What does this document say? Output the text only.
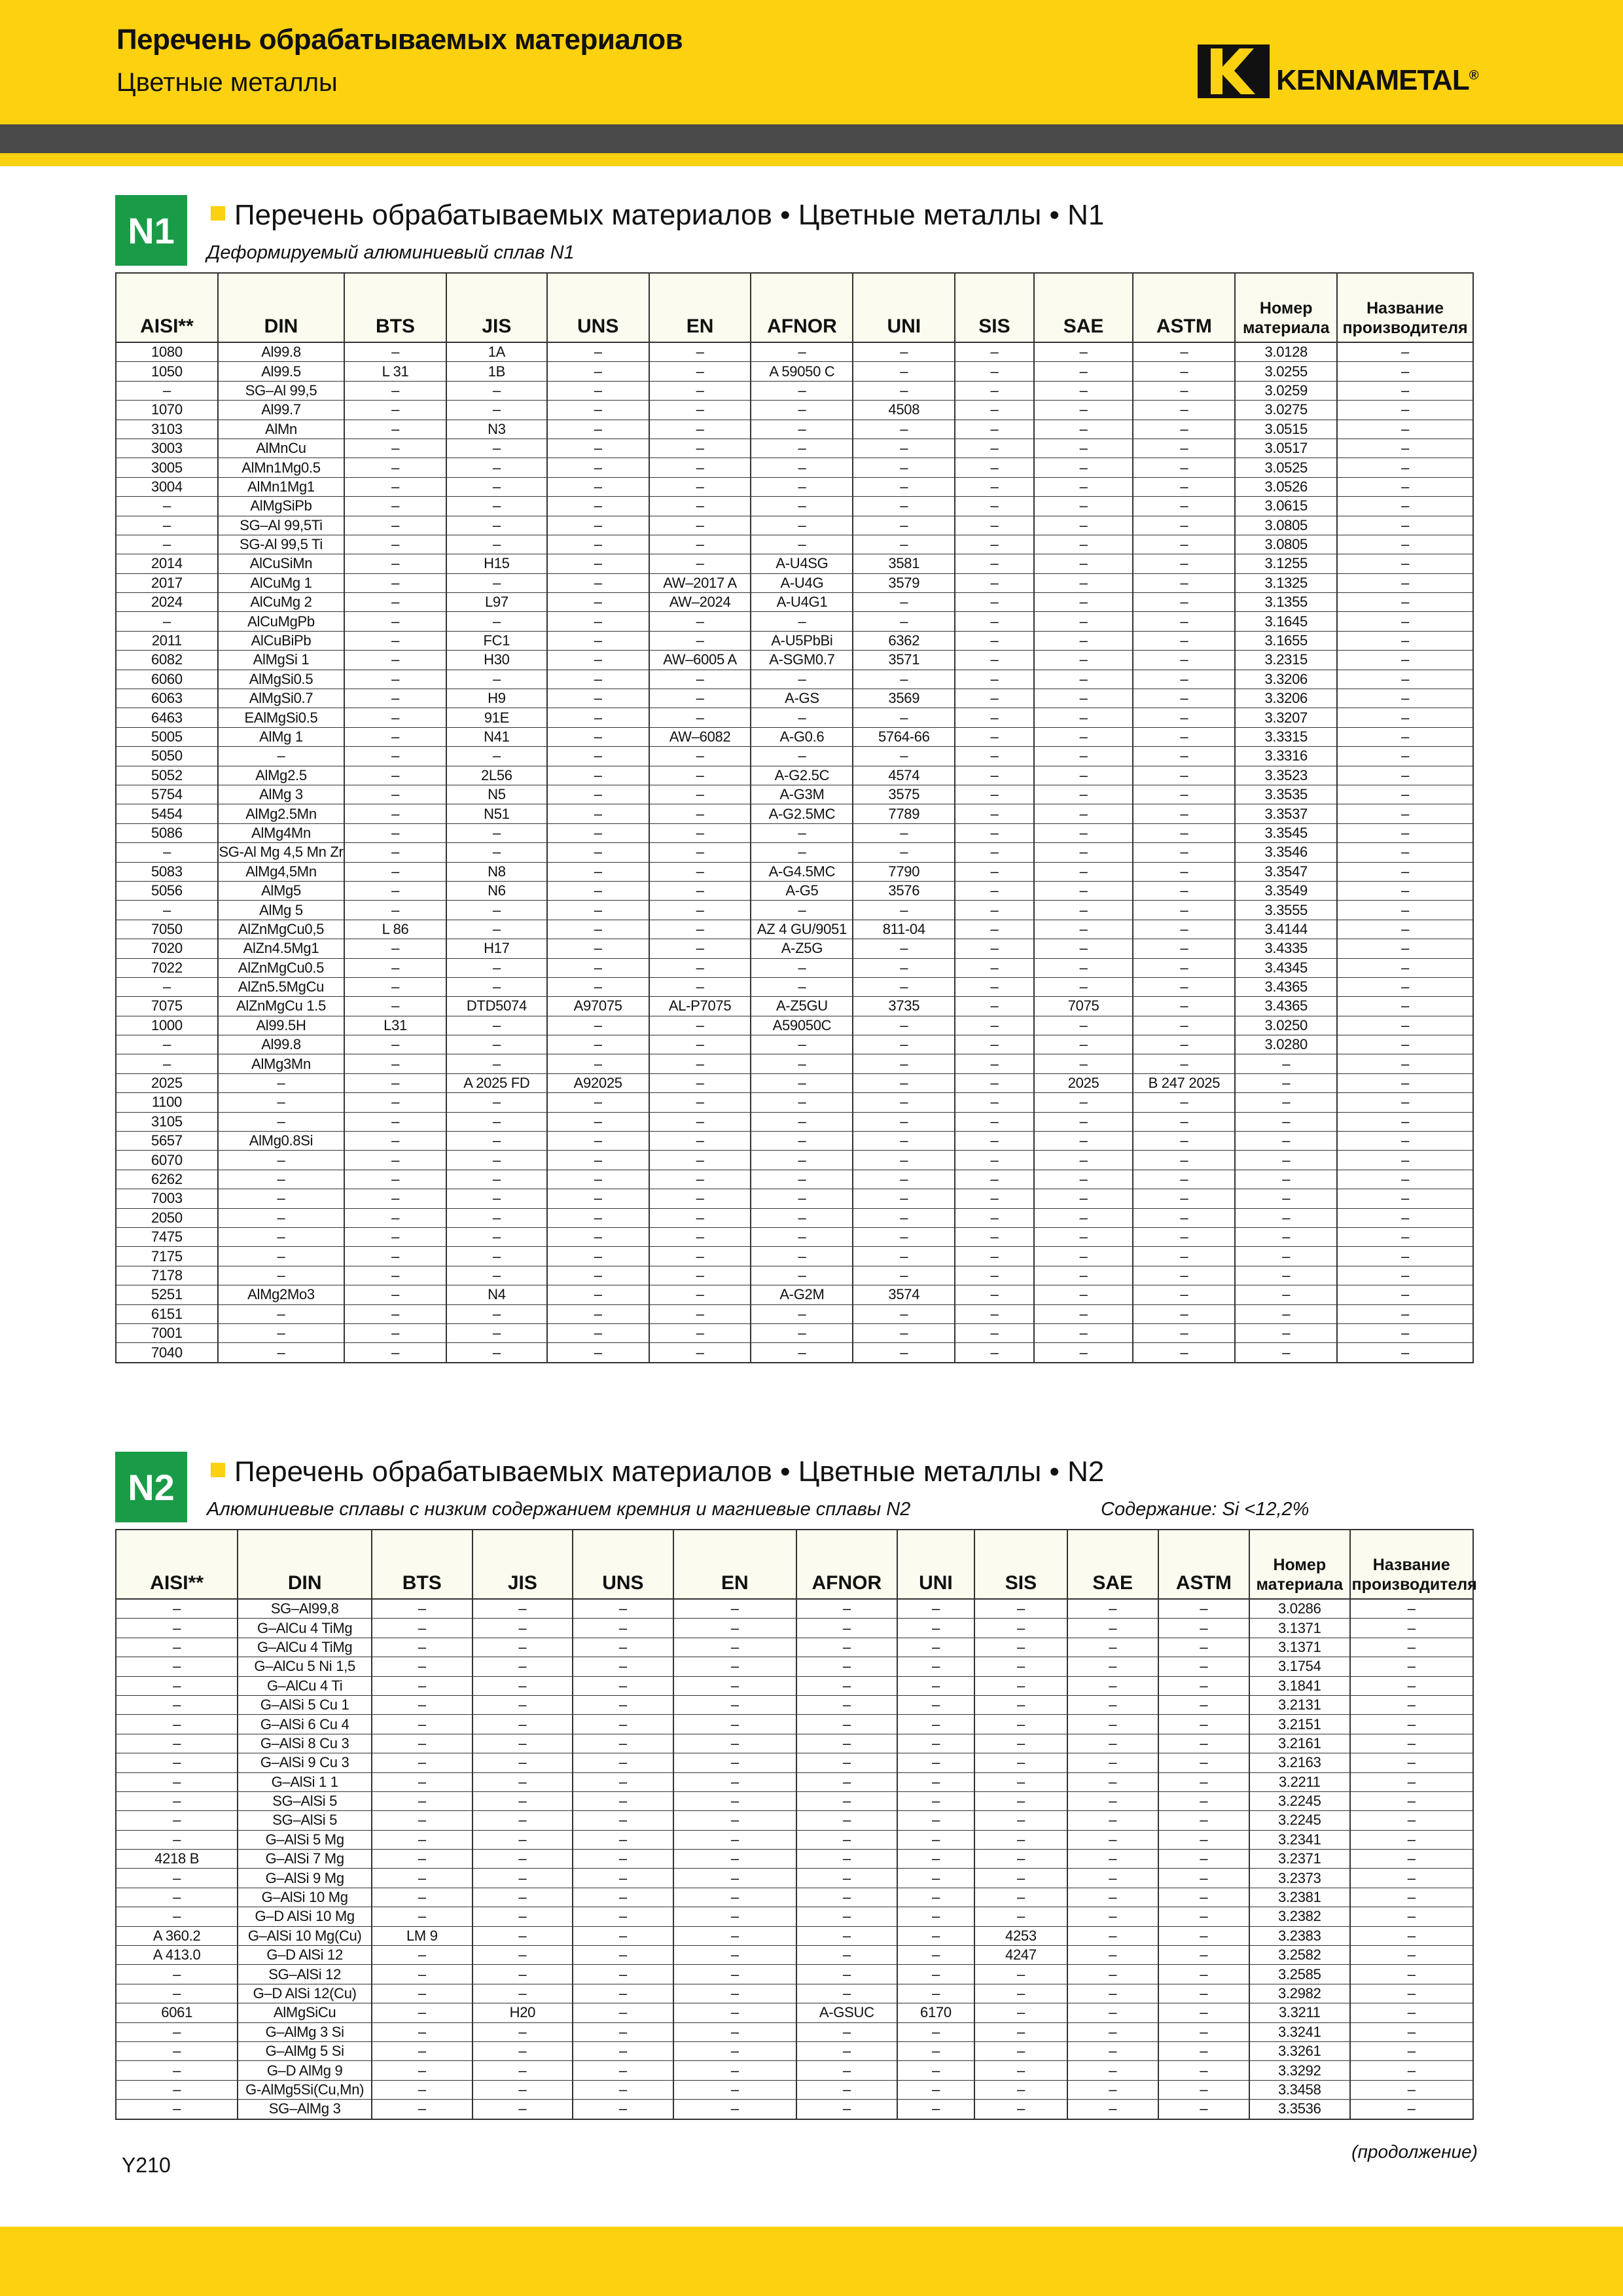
Перечень обрабатываемых материалов
Цветные металлы	KENNAMETAL®
N1	Перечень обрабатываемых материалов • Цветные металлы • N1
Деформируемый алюминиевый сплав N1
AISI**	DIN	BTS	JIS	UNS	EN	AFNOR	UNI	SIS	SAE	ASTM	Номер материала	Название производителя
1080	Al99.8	–	1A	–	–	–	–	–	–	–	3.0128	–
1050	Al99.5	L 31	1B	–	–	A 59050 C	–	–	–	–	3.0255	–
–	SG–Al 99,5	–	–	–	–	–	–	–	–	–	3.0259	–
1070	Al99.7	–	–	–	–	–	4508	–	–	–	3.0275	–
3103	AlMn	–	N3	–	–	–	–	–	–	–	3.0515	–
3003	AlMnCu	–	–	–	–	–	–	–	–	–	3.0517	–
3005	AlMn1Mg0.5	–	–	–	–	–	–	–	–	–	3.0525	–
3004	AlMn1Mg1	–	–	–	–	–	–	–	–	–	3.0526	–
–	AlMgSiPb	–	–	–	–	–	–	–	–	–	3.0615	–
–	SG–Al 99,5Ti	–	–	–	–	–	–	–	–	–	3.0805	–
–	SG-Al 99,5 Ti	–	–	–	–	–	–	–	–	–	3.0805	–
2014	AlCuSiMn	–	H15	–	–	A-U4SG	3581	–	–	–	3.1255	–
2017	AlCuMg 1	–	–	–	AW–2017 A	A-U4G	3579	–	–	–	3.1325	–
2024	AlCuMg 2	–	L97	–	AW–2024	A-U4G1	–	–	–	–	3.1355	–
–	AlCuMgPb	–	–	–	–	–	–	–	–	–	3.1645	–
2011	AlCuBiPb	–	FC1	–	–	A-U5PbBi	6362	–	–	–	3.1655	–
6082	AlMgSi 1	–	H30	–	AW–6005 A	A-SGM0.7	3571	–	–	–	3.2315	–
6060	AlMgSi0.5	–	–	–	–	–	–	–	–	–	3.3206	–
6063	AlMgSi0.7	–	H9	–	–	A-GS	3569	–	–	–	3.3206	–
6463	EAlMgSi0.5	–	91E	–	–	–	–	–	–	–	3.3207	–
5005	AlMg 1	–	N41	–	AW–6082	A-G0.6	5764-66	–	–	–	3.3315	–
5050	–	–	–	–	–	–	–	–	–	–	3.3316	–
5052	AlMg2.5	–	2L56	–	–	A-G2.5C	4574	–	–	–	3.3523	–
5754	AlMg 3	–	N5	–	–	A-G3M	3575	–	–	–	3.3535	–
5454	AlMg2.5Mn	–	N51	–	–	A-G2.5MC	7789	–	–	–	3.3537	–
5086	AlMg4Mn	–	–	–	–	–	–	–	–	–	3.3545	–
–	SG-Al Mg 4,5 Mn Zr	–	–	–	–	–	–	–	–	–	3.3546	–
5083	AlMg4,5Mn	–	N8	–	–	A-G4.5MC	7790	–	–	–	3.3547	–
5056	AlMg5	–	N6	–	–	A-G5	3576	–	–	–	3.3549	–
–	AlMg 5	–	–	–	–	–	–	–	–	–	3.3555	–
7050	AlZnMgCu0,5	L 86	–	–	–	AZ 4 GU/9051	811-04	–	–	–	3.4144	–
7020	AlZn4.5Mg1	–	H17	–	–	A-Z5G	–	–	–	–	3.4335	–
7022	AlZnMgCu0.5	–	–	–	–	–	–	–	–	–	3.4345	–
–	AlZn5.5MgCu	–	–	–	–	–	–	–	–	–	3.4365	–
7075	AlZnMgCu 1.5	–	DTD5074	A97075	AL-P7075	A-Z5GU	3735	–	7075	–	3.4365	–
1000	Al99.5H	L31	–	–	–	A59050C	–	–	–	–	3.0250	–
–	Al99.8	–	–	–	–	–	–	–	–	–	3.0280	–
–	AlMg3Mn	–	–	–	–	–	–	–	–	–	–	–
2025	–	–	A 2025 FD	A92025	–	–	–	–	2025	B 247 2025	–	–
1100	–	–	–	–	–	–	–	–	–	–	–	–
3105	–	–	–	–	–	–	–	–	–	–	–	–
5657	AlMg0.8Si	–	–	–	–	–	–	–	–	–	–	–
6070	–	–	–	–	–	–	–	–	–	–	–	–
6262	–	–	–	–	–	–	–	–	–	–	–	–
7003	–	–	–	–	–	–	–	–	–	–	–	–
2050	–	–	–	–	–	–	–	–	–	–	–	–
7475	–	–	–	–	–	–	–	–	–	–	–	–
7175	–	–	–	–	–	–	–	–	–	–	–	–
7178	–	–	–	–	–	–	–	–	–	–	–	–
5251	AlMg2Mo3	–	N4	–	–	A-G2M	3574	–	–	–	–	–
6151	–	–	–	–	–	–	–	–	–	–	–	–
7001	–	–	–	–	–	–	–	–	–	–	–	–
7040	–	–	–	–	–	–	–	–	–	–	–	–
N2	Перечень обрабатываемых материалов • Цветные металлы • N2
Алюминиевые сплавы с низким содержанием кремния и магниевые сплавы N2	Содержание: Si <12,2%
AISI**	DIN	BTS	JIS	UNS	EN	AFNOR	UNI	SIS	SAE	ASTM	Номер материала	Название производителя
–	SG–Al99,8	–	–	–	–	–	–	–	–	–	3.0286	–
–	G–AlCu 4 TiMg	–	–	–	–	–	–	–	–	–	3.1371	–
–	G–AlCu 4 TiMg	–	–	–	–	–	–	–	–	–	3.1371	–
–	G–AlCu 5 Ni 1,5	–	–	–	–	–	–	–	–	–	3.1754	–
–	G–AlCu 4 Ti	–	–	–	–	–	–	–	–	–	3.1841	–
–	G–AlSi 5 Cu 1	–	–	–	–	–	–	–	–	–	3.2131	–
–	G–AlSi 6 Cu 4	–	–	–	–	–	–	–	–	–	3.2151	–
–	G–AlSi 8 Cu 3	–	–	–	–	–	–	–	–	–	3.2161	–
–	G–AlSi 9 Cu 3	–	–	–	–	–	–	–	–	–	3.2163	–
–	G–AlSi 1 1	–	–	–	–	–	–	–	–	–	3.2211	–
–	SG–AlSi 5	–	–	–	–	–	–	–	–	–	3.2245	–
–	SG–AlSi 5	–	–	–	–	–	–	–	–	–	3.2245	–
–	G–AlSi 5 Mg	–	–	–	–	–	–	–	–	–	3.2341	–
4218 B	G–AlSi 7 Mg	–	–	–	–	–	–	–	–	–	3.2371	–
–	G–AlSi 9 Mg	–	–	–	–	–	–	–	–	–	3.2373	–
–	G–AlSi 10 Mg	–	–	–	–	–	–	–	–	–	3.2381	–
–	G–D AlSi 10 Mg	–	–	–	–	–	–	–	–	–	3.2382	–
A 360.2	G–AlSi 10 Mg(Cu)	LM 9	–	–	–	–	–	4253	–	–	3.2383	–
A 413.0	G–D AlSi 12	–	–	–	–	–	–	4247	–	–	3.2582	–
–	SG–AlSi 12	–	–	–	–	–	–	–	–	–	3.2585	–
–	G–D AlSi 12(Cu)	–	–	–	–	–	–	–	–	–	3.2982	–
6061	AlMgSiCu	–	H20	–	–	A-GSUC	6170	–	–	–	3.3211	–
–	G–AlMg 3 Si	–	–	–	–	–	–	–	–	–	3.3241	–
–	G–AlMg 5 Si	–	–	–	–	–	–	–	–	–	3.3261	–
–	G–D AlMg 9	–	–	–	–	–	–	–	–	–	3.3292	–
–	G-AlMg5Si(Cu,Mn)	–	–	–	–	–	–	–	–	–	3.3458	–
–	SG–AlMg 3	–	–	–	–	–	–	–	–	–	3.3536	–
Y210
(продолжение)
